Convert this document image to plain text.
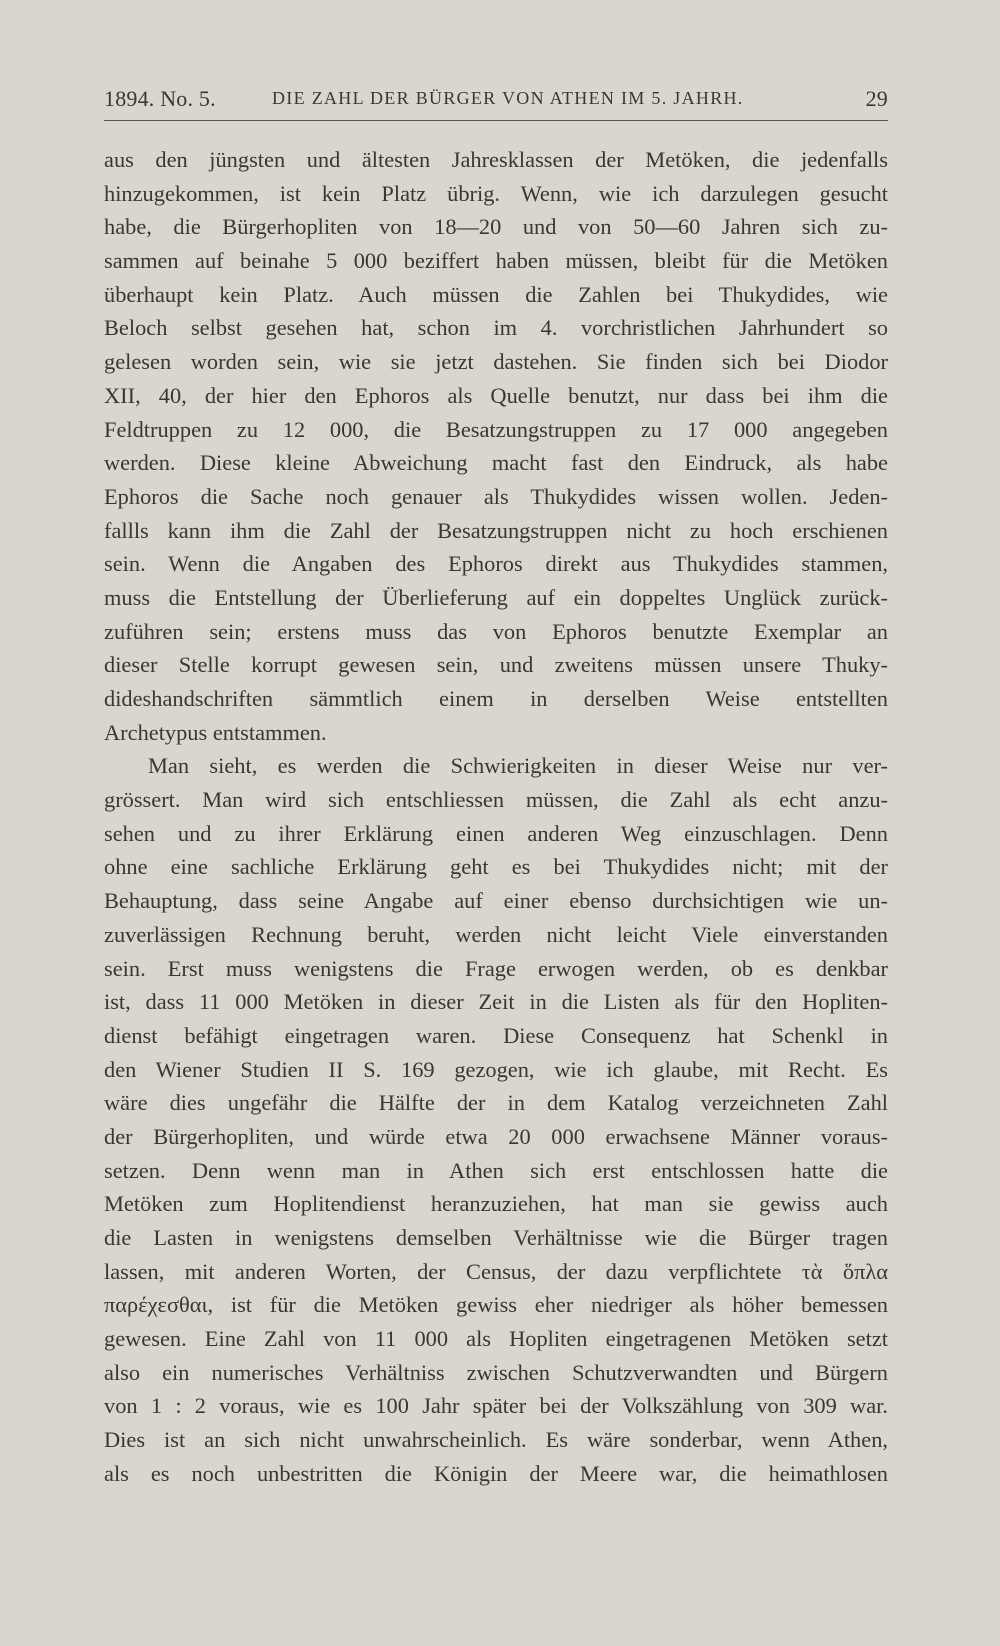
1894. No. 5.	DIE ZAHL DER BÜRGER VON ATHEN IM 5. JAHRH.	29
aus den jüngsten und ältesten Jahresklassen der Metöken, die jedenfalls
hinzugekommen, ist kein Platz übrig. Wenn, wie ich darzulegen gesucht
habe, die Bürgerhopliten von 18—20 und von 50—60 Jahren sich zu-
sammen auf beinahe 5 000 beziffert haben müssen, bleibt für die Metöken
überhaupt kein Platz. Auch müssen die Zahlen bei Thukydides, wie
Beloch selbst gesehen hat, schon im 4. vorchristlichen Jahrhundert so
gelesen worden sein, wie sie jetzt dastehen. Sie finden sich bei Diodor
XII, 40, der hier den Ephoros als Quelle benutzt, nur dass bei ihm die
Feldtruppen zu 12 000, die Besatzungstruppen zu 17 000 angegeben
werden. Diese kleine Abweichung macht fast den Eindruck, als habe
Ephoros die Sache noch genauer als Thukydides wissen wollen. Jeden-
fallls kann ihm die Zahl der Besatzungstruppen nicht zu hoch erschienen
sein. Wenn die Angaben des Ephoros direkt aus Thukydides stammen,
muss die Entstellung der Überlieferung auf ein doppeltes Unglück zurück-
zuführen sein; erstens muss das von Ephoros benutzte Exemplar an
dieser Stelle korrupt gewesen sein, und zweitens müssen unsere Thuky-
dideshandschriften sämmtlich einem in derselben Weise entstellten
Archetypus entstammen.
Man sieht, es werden die Schwierigkeiten in dieser Weise nur ver-
grössert. Man wird sich entschliessen müssen, die Zahl als echt anzu-
sehen und zu ihrer Erklärung einen anderen Weg einzuschlagen. Denn
ohne eine sachliche Erklärung geht es bei Thukydides nicht; mit der
Behauptung, dass seine Angabe auf einer ebenso durchsichtigen wie un-
zuverlässigen Rechnung beruht, werden nicht leicht Viele einverstanden
sein. Erst muss wenigstens die Frage erwogen werden, ob es denkbar
ist, dass 11 000 Metöken in dieser Zeit in die Listen als für den Hopliten-
dienst befähigt eingetragen waren. Diese Consequenz hat Schenkl in
den Wiener Studien II S. 169 gezogen, wie ich glaube, mit Recht. Es
wäre dies ungefähr die Hälfte der in dem Katalog verzeichneten Zahl
der Bürgerhopliten, und würde etwa 20 000 erwachsene Männer voraus-
setzen. Denn wenn man in Athen sich erst entschlossen hatte die
Metöken zum Hoplitendienst heranzuziehen, hat man sie gewiss auch
die Lasten in wenigstens demselben Verhältnisse wie die Bürger tragen
lassen, mit anderen Worten, der Census, der dazu verpflichtete τὰ ὅπλα
παρέχεσθαι, ist für die Metöken gewiss eher niedriger als höher bemessen
gewesen. Eine Zahl von 11 000 als Hopliten eingetragenen Metöken setzt
also ein numerisches Verhältniss zwischen Schutzverwandten und Bürgern
von 1 : 2 voraus, wie es 100 Jahr später bei der Volkszählung von 309 war.
Dies ist an sich nicht unwahrscheinlich. Es wäre sonderbar, wenn Athen,
als es noch unbestritten die Königin der Meere war, die heimathlosen
